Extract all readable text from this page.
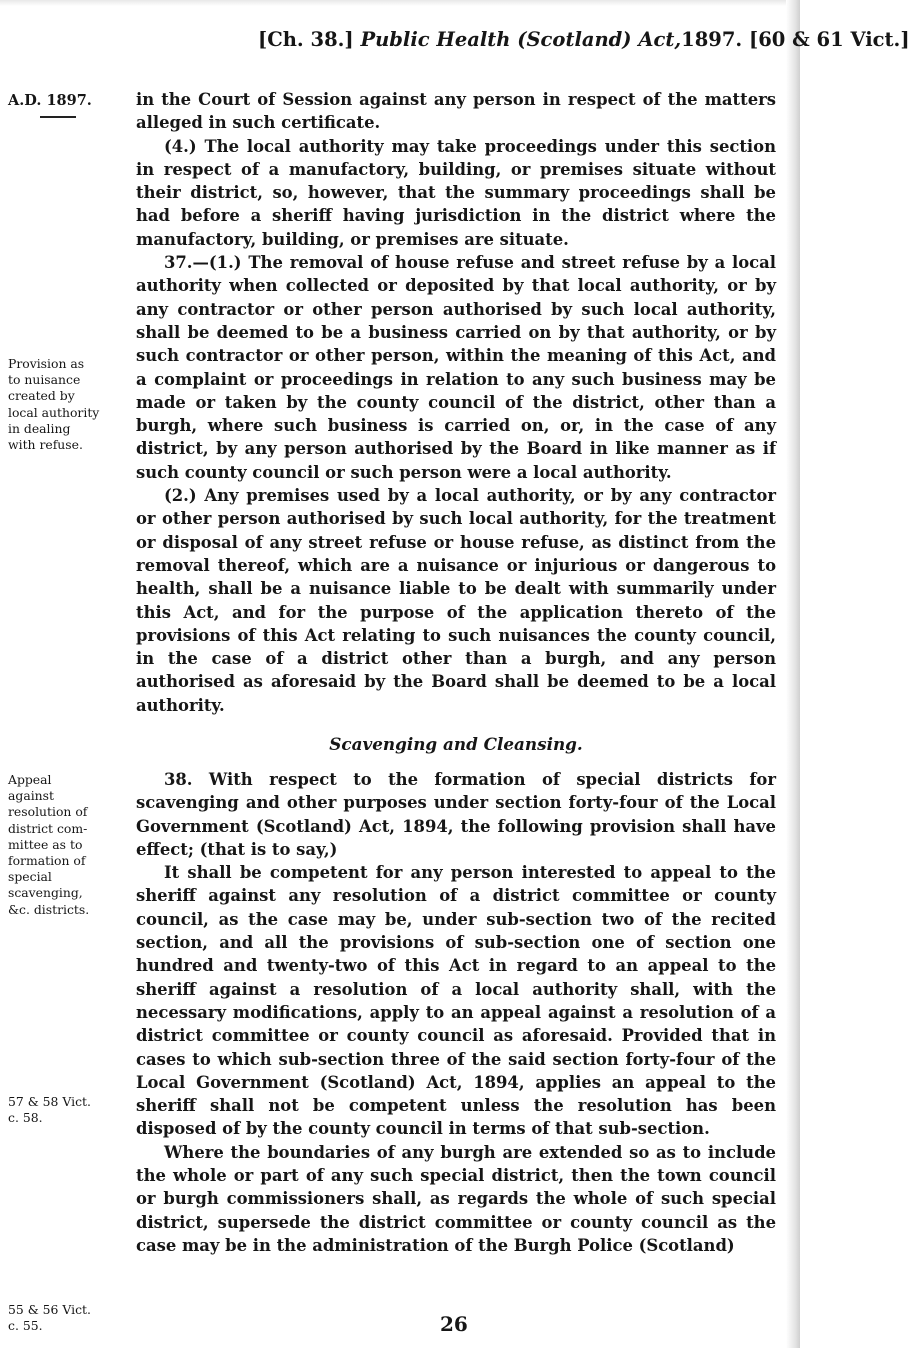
[Ch. 38.] Public Health (Scotland) Act,1897. [60 & 61 Vict.]
A.D. 1897.
Provision as
to nuisance
created by
local authority
in dealing
with refuse.
Appeal
against
resolution of
district com-
mittee as to
formation of
special
scavenging,
&c. districts.
57 & 58 Vict.
c. 58.
55 & 56 Vict.
c. 55.

in the Court of Session against any person in respect of the matters alleged in such certificate.

(4.) The local authority may take proceedings under this section in respect of a manufactory, building, or premises situate without their district, so, however, that the summary proceedings shall be had before a sheriff having jurisdiction in the district where the manufactory, building, or premises are situate.

37.—(1.) The removal of house refuse and street refuse by a local authority when collected or deposited by that local authority, or by any contractor or other person authorised by such local authority, shall be deemed to be a business carried on by that authority, or by such contractor or other person, within the meaning of this Act, and a complaint or proceedings in relation to any such business may be made or taken by the county council of the district, other than a burgh, where such business is carried on, or, in the case of any district, by any person authorised by the Board in like manner as if such county council or such person were a local authority.

(2.) Any premises used by a local authority, or by any contractor or other person authorised by such local authority, for the treatment or disposal of any street refuse or house refuse, as distinct from the removal thereof, which are a nuisance or injurious or dangerous to health, shall be a nuisance liable to be dealt with summarily under this Act, and for the purpose of the application thereto of the provisions of this Act relating to such nuisances the county council, in the case of a district other than a burgh, and any person authorised as aforesaid by the Board shall be deemed to be a local authority.

Scavenging and Cleansing.

38. With respect to the formation of special districts for scavenging and other purposes under section forty-four of the Local Government (Scotland) Act, 1894, the following provision shall have effect; (that is to say,)

It shall be competent for any person interested to appeal to the sheriff against any resolution of a district committee or county council, as the case may be, under sub-section two of the recited section, and all the provisions of sub-section one of section one hundred and twenty-two of this Act in regard to an appeal to the sheriff against a resolution of a local authority shall, with the necessary modifications, apply to an appeal against a resolution of a district committee or county council as aforesaid. Provided that in cases to which sub-section three of the said section forty-four of the Local Government (Scotland) Act, 1894, applies an appeal to the sheriff shall not be competent unless the resolution has been disposed of by the county council in terms of that sub-section.

Where the boundaries of any burgh are extended so as to include the whole or part of any such special district, then the town council or burgh commissioners shall, as regards the whole of such special district, supersede the district committee or county council as the case may be in the administration of the Burgh Police (Scotland)

26
